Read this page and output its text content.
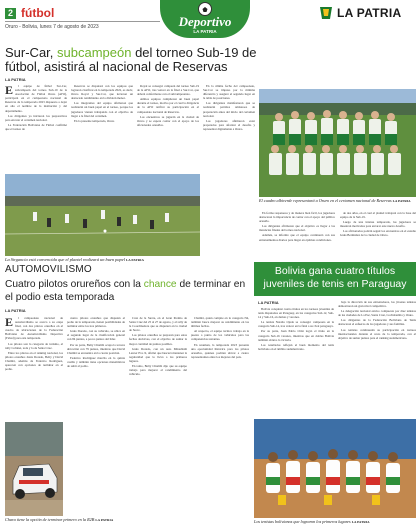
2 fútbol
Oruro - Bolivia, lunes 7 de agosto de 2023	Deportivo
LA PATRIA
LA PATRIA
Sur-Car, subcampeón del torneo Sub-19 de fútbol, asistirá al nacional de Reservas
LA PATRIA

E l equipo de fútbol Sur-Car, subcampeón del torneo Sub-19 de la Asociación de Fútbol Oruro (AFO), participará en el campeonato nacional de Reservas de la temporada 2023 dispuesto a dejar en alto el nombre de la institución y del departamento.

Los dirigentes ya iniciaron los preparativos para encarar el certamen nacional.

La Federación Boliviana de Fútbol confirmó que el torneo de

Reservas se disputará con los equipos que lograron clasificar en la temporada 2022, es decir, Oruro Royal y Sur-Car, que tuvieron un destacado rendimiento en la división menor.

Los integrantes del equipo afirmaron que realizarán un buen papel en el torneo, porque los jugadores vienen trabajando con el objetivo de llegar a la final del certamen.

En la presente temporada, Oruro

Royal se consagró campeón del torneo Sub-19 de la AFO, tras vencer en la final a Sur-Car, que deberá conformarse con el subcampeonato.

Ambos equipos cumplieron un buen papel durante el torneo, motivo por el cual la dirigencia de la AFO ratificó su participación en el campeonato nacional de Reservas.

Los encuentros se jugarán en la ciudad de Oruro y se espera contar con el apoyo de los aficionados orureños.

En la última fecha del campeonato, Sur-Car se impuso por la mínima diferencia y aseguró el segundo lugar en la tabla de posiciones.

Los dirigentes manifestaron que se realizarán partidos amistosos de preparación antes del inicio del certamen nacional.

Los jugadores afirmaron estar preparados para afrontar el desafío y representar dignamente a Oruro.

La Sirgancia está convencida que el plantel realizará un buen papel LA PATRIA
El cuadro albiverde representará a Oruro en el certamen nacional de Reservas LA PATRIA

En forma respetuosa y de manera bien fácil, los jugadores destacaron la importancia de contar con el apoyo del público orureño.

Los dirigentes afirmaron que el objetivo es llegar a las instancias finales del torneo nacional.

Además, se informó que el equipo continuará con sus entrenamientos diarios para llegar en óptimas condiciones.

de dos años, en el cual el plantel trabajará con la base del equipo de la Sub-19.

Luego de una intensa temporada, los jugadores se muestran motivados para encarar este nuevo desafío.

Los aficionados podrán seguir los encuentros en el estadio Jesús Bermúdez de la ciudad de Oruro.

AUTOMOVILISMO
Cuatro pilotos orureños con la chance de terminar en el podio esta temporada
LA PATRIA

E l campeonato nacional de automovilismo se acerca a su etapa final, con dos pilotos orureños en el cuadro de ubicaciones de la Federación Boliviana de Automovilismo Deportivo (Fabad) para esta temporada.

Los pilotos son la categoría de turismo, el rally Cobinet, toda y la de Santa Cruz.

Entre los pilotos en el ranking nacional, los pilotos orureños Jesús Dorado, Belty y David Chambi, además de Federico Rodríguez, aparecen con opciones de terminar en el podio.

cuatro pilotos orureños que disputan el podio de la temporada, tienen posibilidades de terminar entre los tres primeros.

Jesús Dorado, con su vehículo, se ubica en el segundo lugar de la clasificación general con 84 puntos, a pocos puntos del líder.

Por su parte, Belty Chambi ocupa la tercera ubicación con 79 puntos, mientras que David Chambi se encuentra en la cuarta posición.

Federico Rodríguez marcha en la quinta casilla y también tiene opciones matemáticas de subir al podio.

Cruz de la Sierra, en el Gran Premio de Santa Cruz del 25 al 27 de agosto, y el rally de la Coordinadora que se disputará en la ciudad de Sucre.

Los pilotos orureños se preparan para estas fechas decisivas, con el objetivo de sumar la mayor cantidad de puntos posibles.

Jesús Dorado, con un auto Mitsubishi Lancer Evo X, afirmó que buscará mantener la regularidad que lo llevó a los primeros lugares.

En tanto, Belty Chambi dijo que su equipo trabaja para mejorar el rendimiento del vehículo.

Chambi, quien compite en la categoría N4, también busca mejorar su rendimiento en las últimas fechas.

Al respecto, el equipo técnico trabaja en la puesta a punto de los vehículos para las competencias restantes.

En resumen, la temporada 2023 presenta una oportunidad histórica para los pilotos orureños, quienes podrían ubicar a cuatro representantes entre los mejores del país.

Chara tiene la opción de terminar primero en la R2B LA PATRIA
Bolivia gana cuatro títulos juveniles de tenis en Paraguay
LA PATRIA

Bolivia conquistó cuatro títulos en los torneos juveniles de tenis disputados en Paraguay, en las categorías Sub-12, Sub-14 y Sub-16, en damas y varones.

La tenista Natalia Ojeda se consagró campeona en la categoría Sub-14, tras vencer en la final a su rival paraguaya.

Por su parte, Juan Pablo Ortiz logró el título en la categoría Sub-16 varones, mientras que en dobles Bolivia también obtuvo la victoria.

Los resultados reflejan el buen momento del tenis boliviano en el ámbito sudamericano.

bajo la dirección de sus entrenadores, los jóvenes tenistas demostraron un gran nivel competitivo.

La delegación nacional estuvo compuesta por diez tenistas de las ciudades de La Paz, Santa Cruz, Cochabamba y Oruro.

Los dirigentes de la Federación Boliviana de Tenis destacaron el esfuerzo de los jugadores y sus familias.

Los tenistas continuarán su participación en torneos internacionales durante el resto de la temporada, con el objetivo de sumar puntos para el ranking sudamericano.

Los tenistas bolivianos que lograron los primeros lugares LA PATRIA
